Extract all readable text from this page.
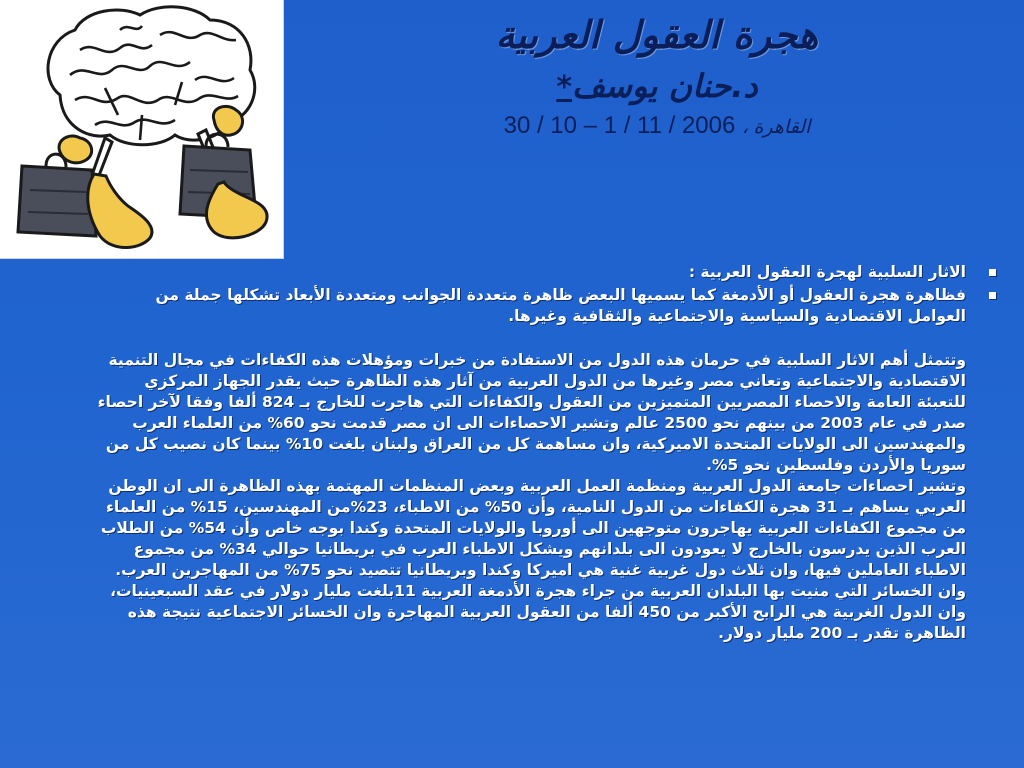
هجرة العقول العربية
د.حنان يوسف*
القاهرة ، 30 / 10 – 1 / 11 / 2006
الاثار السلبية لهجرة العقول العربية :
فظاهرة هجرة العقول أو الأدمغة كما يسميها البعض ظاهرة متعددة الجوانب ومتعددة الأبعاد تشكلها جملة من العوامل الاقتصادية والسياسية والاجتماعية والثقافية وغيرها.

وتتمثل أهم الاثار السلبية في حرمان هذه الدول من الاستفادة من خبرات ومؤهلات هذه الكفاءات في مجال التنمية الاقتصادية والاجتماعية وتعاني مصر وغيرها من الدول العربية من آثار هذه الظاهرة حيث يقدر الجهاز المركزي للتعبئة العامة والاحصاء المصريين المتميزين من العقول والكفاءات التي هاجرت للخارج بـ 824 ألفا وفقا لآخر احصاء صدر في عام 2003 من بينهم نحو 2500 عالم وتشير الاحصاءات الى ان مصر قدمت نحو 60% من العلماء العرب والمهندسين الى الولايات المتحدة الاميركية، وان مساهمة كل من العراق ولبنان بلغت 10% بينما كان نصيب كل من سوريا والأردن وفلسطين نحو 5%.

وتشير احصاءات جامعة الدول العربية ومنظمة العمل العربية وبعض المنظمات المهتمة بهذه الظاهرة الى ان الوطن العربي يساهم بـ 31 هجرة الكفاءات من الدول النامية، وأن 50% من الاطباء، 23%من المهندسين، 15% من العلماء من مجموع الكفاءات العربية يهاجرون متوجهين الى أوروبا والولايات المتحدة وكندا بوجه خاص وأن 54% من الطلاب العرب الذين يدرسون بالخارج لا يعودون الى بلدانهم ويشكل الاطباء العرب في بريطانيا حوالي 34% من مجموع الاطباء العاملين فيها، وان ثلاث دول غربية غنية هي اميركا وكندا وبريطانيا تتصيد نحو 75% من المهاجرين العرب.

وان الخسائر التي منيت بها البلدان العربية من جراء هجرة الأدمغة العربية 11بلغت مليار دولار في عقد السبعينيات، وان الدول الغربية هي الرابح الأكبر من 450 ألفا من العقول العربية المهاجرة وان الخسائر الاجتماعية نتيجة هذه الظاهرة تقدر بـ 200 مليار دولار.
